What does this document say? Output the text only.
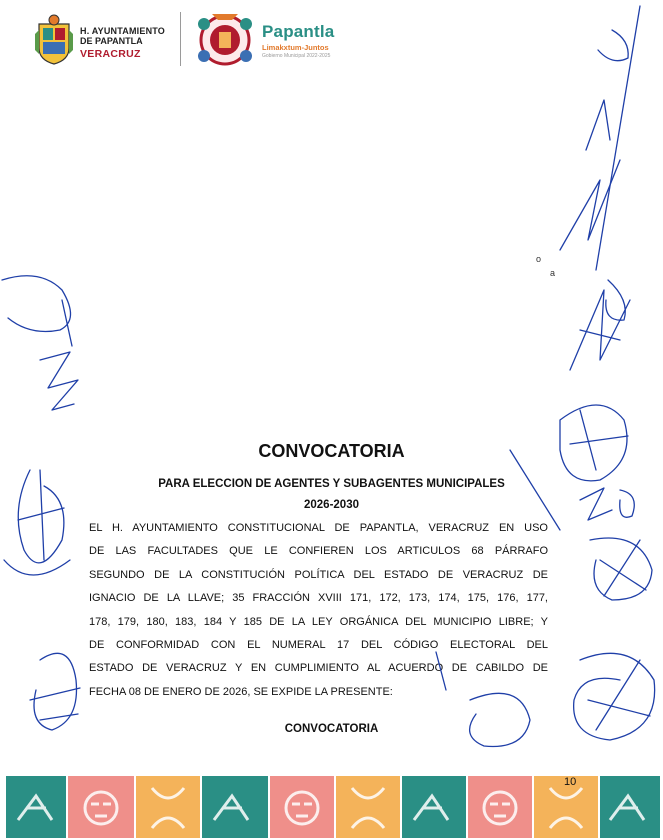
H. AYUNTAMIENTO
DE PAPANTLA
VERACRUZ
Papantla
Limakxtum-Juntos
Gobierno Municipal 2022-2025
o
a
CONVOCATORIA
PARA ELECCION DE AGENTES Y SUBAGENTES MUNICIPALES
2026-2030
EL H. AYUNTAMIENTO CONSTITUCIONAL DE PAPANTLA, VERACRUZ EN USO
DE LAS FACULTADES QUE LE CONFIEREN LOS ARTICULOS 68 PÁRRAFO
SEGUNDO DE LA CONSTITUCIÓN POLÍTICA DEL ESTADO DE VERACRUZ DE
IGNACIO DE LA LLAVE; 35 FRACCIÓN XVIII 171, 172, 173, 174, 175, 176, 177,
178, 179, 180, 183, 184 Y 185 DE LA LEY ORGÁNICA DEL MUNICIPIO LIBRE; Y
DE CONFORMIDAD CON EL NUMERAL 17 DEL CÓDIGO ELECTORAL DEL
ESTADO DE VERACRUZ Y EN CUMPLIMIENTO AL ACUERDO DE CABILDO DE
FECHA 08 DE ENERO DE 2026, SE EXPIDE LA PRESENTE:
CONVOCATORIA
10
